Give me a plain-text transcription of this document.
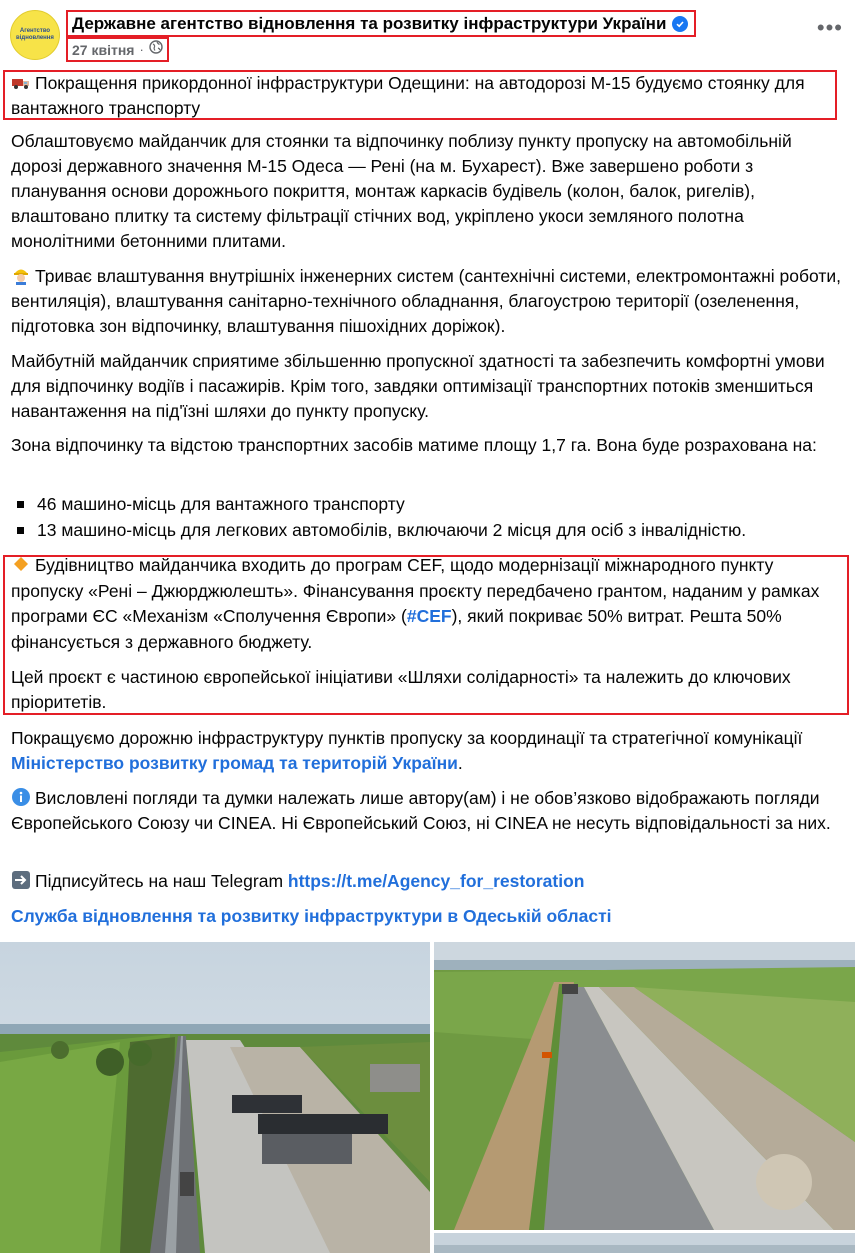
Агентство
відновлення
Державне агентство відновлення та розвитку інфраструктури України
27 квітня ·
•••

Покращення прикордонної інфраструктури Одещини: на автодорозі М-15 будуємо стоянку для вантажного транспорту

Облаштовуємо майданчик для стоянки та відпочинку поблизу пункту пропуску на автомобільній дорозі державного значення М-15 Одеса — Рені (на м. Бухарест). Вже завершено роботи з планування основи дорожнього покриття, монтаж каркасів будівель (колон, балок, ригелів), влаштовано плитку та систему фільтрації стічних вод, укріплено укоси земляного полотна монолітними бетонними плитами.

Триває влаштування внутрішніх інженерних систем (сантехнічні системи, електромонтажні роботи, вентиляція), влаштування санітарно-технічного обладнання, благоустрою території (озеленення, підготовка зон відпочинку, влаштування пішохідних доріжок).

Майбутній майданчик сприятиме збільшенню пропускної здатності та забезпечить комфортні умови для відпочинку водіїв і пасажирів. Крім того, завдяки оптимізації транспортних потоків зменшиться навантаження на під'їзні шляхи до пункту пропуску.

Зона відпочинку та відстою транспортних засобів матиме площу 1,7 га. Вона буде розрахована на:

46 машино-місць для вантажного транспорту
13 машино-місць для легкових автомобілів, включаючи 2 місця для осіб з інвалідністю.

Будівництво майданчика входить до програм CEF, щодо модернізації міжнародного пункту пропуску «Рені – Джюрджюлешть». Фінансування проєкту передбачено грантом, наданим у рамках програми ЄС «Механізм «Сполучення Європи» (#CEF), який покриває 50% витрат. Решта 50% фінансується з державного бюджету.

Цей проєкт є частиною європейської ініціативи «Шляхи солідарності» та належить до ключових пріоритетів.

Покращуємо дорожню інфраструктуру пунктів пропуску за координації та стратегічної комунікації Міністерство розвитку громад та територій України.

Висловлені погляди та думки належать лише автору(ам) і не обов’язково відображають погляди Європейського Союзу чи CINEA. Ні Європейський Союз, ні CINEA не несуть відповідальності за них.

Підписуйтесь на наш Telegram https://t.me/Agency_for_restoration

Служба відновлення та розвитку інфраструктури в Одеській області
